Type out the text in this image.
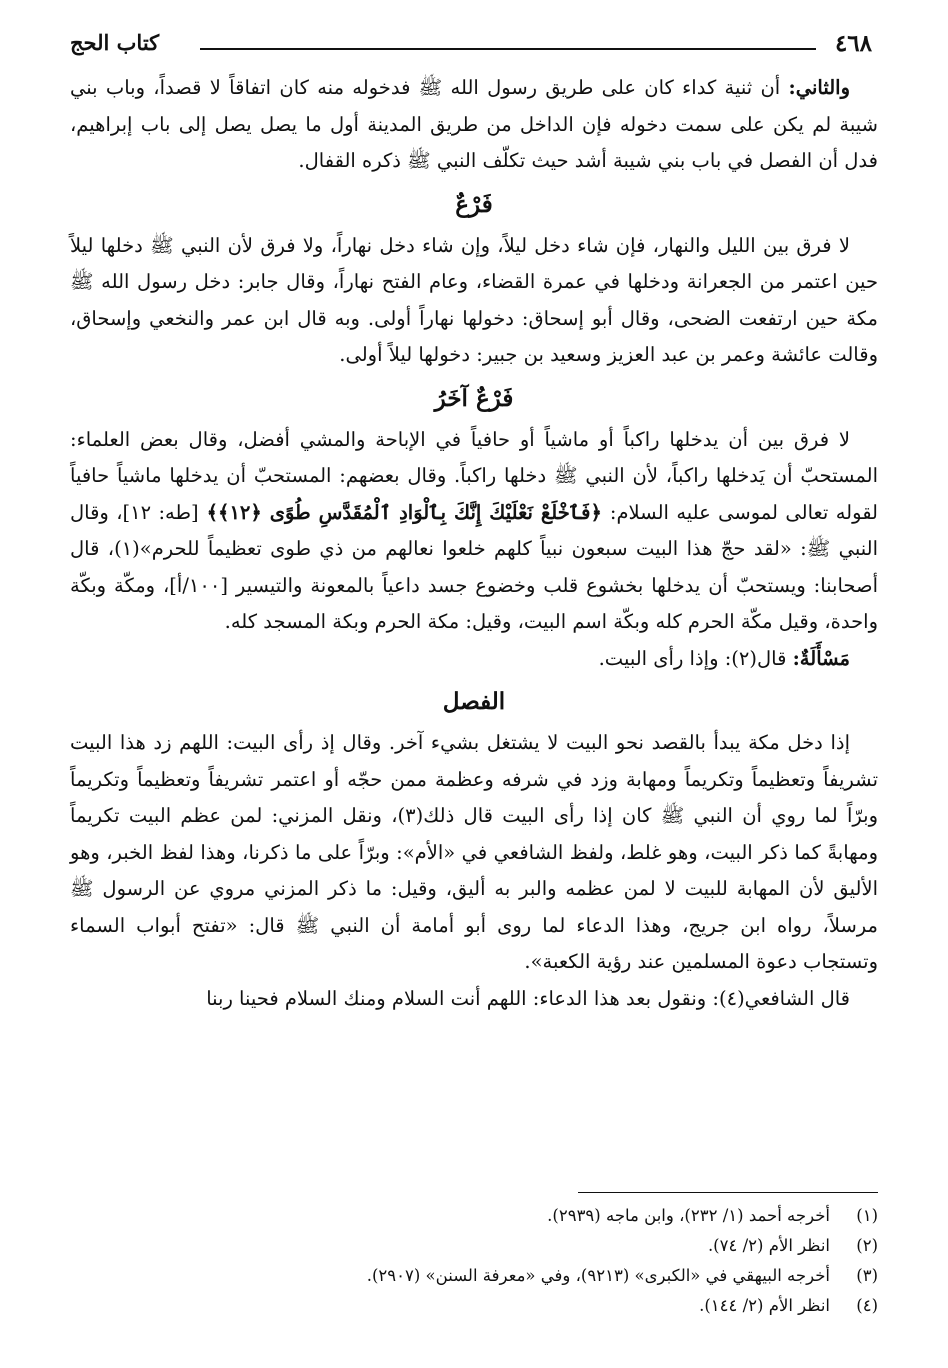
٤٦٨
كتاب الحج

والثاني: أن ثنية كداء كان على طريق رسول الله ﷺ فدخوله منه كان اتفاقاً لا قصداً، وباب بني شيبة لم يكن على سمت دخوله فإن الداخل من طريق المدينة أول ما يصل يصل إلى باب إبراهيم، فدل أن الفصل في باب بني شيبة أشد حيث تكلّف النبي ﷺ ذكره القفال.

فَرْعٌ

لا فرق بين الليل والنهار، فإن شاء دخل ليلاً، وإن شاء دخل نهاراً، ولا فرق لأن النبي ﷺ دخلها ليلاً حين اعتمر من الجعرانة ودخلها في عمرة القضاء، وعام الفتح نهاراً، وقال جابر: دخل رسول الله ﷺ مكة حين ارتفعت الضحى، وقال أبو إسحاق: دخولها نهاراً أولى. وبه قال ابن عمر والنخعي وإسحاق، وقالت عائشة وعمر بن عبد العزيز وسعيد بن جبير: دخولها ليلاً أولى.

فَرْعٌ آخَرُ

لا فرق بين أن يدخلها راكباً أو ماشياً أو حافياً في الإباحة والمشي أفضل، وقال بعض العلماء: المستحبّ أن يَدخلها راكباً، لأن النبي ﷺ دخلها راكباً. وقال بعضهم: المستحبّ أن يدخلها ماشياً حافياً لقوله تعالى لموسى عليه السلام: ﴿فَٱخْلَعْ نَعْلَيْكَ إِنَّكَ بِٱلْوَادِ ٱلْمُقَدَّسِ طُوًى ﴿١٢﴾﴾ [طه: ١٢]، وقال النبي ﷺ: «لقد حجّ هذا البيت سبعون نبياً كلهم خلعوا نعالهم من ذي طوى تعظيماً للحرم»(١)، قال أصحابنا: ويستحبّ أن يدخلها بخشوع قلب وخضوع جسد داعياً بالمعونة والتيسير [١٠٠/أ]، ومكّة وبكّة واحدة، وقيل مكّة الحرم كله وبكّة اسم البيت، وقيل: مكة الحرم وبكة المسجد كله.

مَسْأَلَةٌ: قال(٢): وإذا رأى البيت.

الفصل

إذا دخل مكة يبدأ بالقصد نحو البيت لا يشتغل بشيء آخر. وقال إذ رأى البيت: اللهم زد هذا البيت تشريفاً وتعظيماً وتكريماً ومهابة وزد في شرفه وعظمة ممن حجّه أو اعتمر تشريفاً وتعظيماً وتكريماً وبرّاً لما روي أن النبي ﷺ كان إذا رأى البيت قال ذلك(٣)، ونقل المزني: لمن عظم البيت تكريماً ومهابةً كما ذكر البيت، وهو غلط، ولفظ الشافعي في «الأم»: وبرّاً على ما ذكرنا، وهذا لفظ الخبر، وهو الأليق لأن المهابة للبيت لا لمن عظمه والبر به أليق، وقيل: ما ذكر المزني مروي عن الرسول ﷺ مرسلاً، رواه ابن جريج، وهذا الدعاء لما روى أبو أمامة أن النبي ﷺ قال: «تفتح أبواب السماء وتستجاب دعوة المسلمين عند رؤية الكعبة».

قال الشافعي(٤): ونقول بعد هذا الدعاء: اللهم أنت السلام ومنك السلام فحينا ربنا

(١)
أخرجه أحمد (١/ ٢٣٢)، وابن ماجه (٢٩٣٩).
(٢)
انظر الأم (٢/ ٧٤).
(٣)
أخرجه البيهقي في «الكبرى» (٩٢١٣)، وفي «معرفة السنن» (٢٩٠٧).
(٤)
انظر الأم (٢/ ١٤٤).
